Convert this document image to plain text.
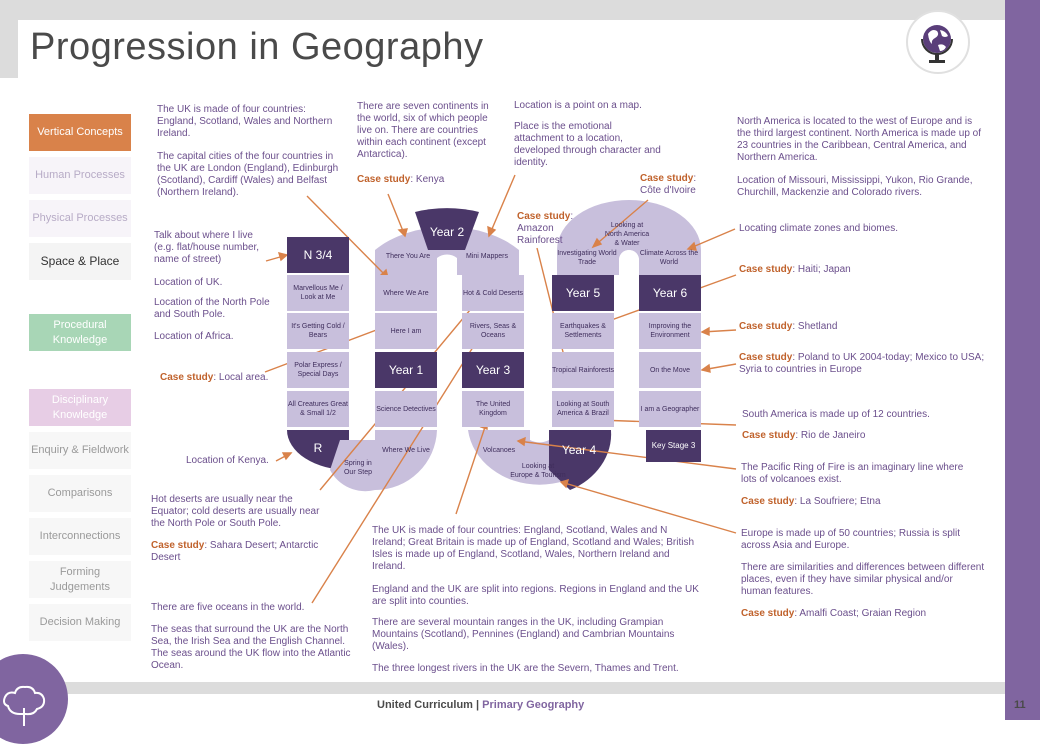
Progression in Geography
Vertical Concepts
Human Processes
Physical Processes
Space & Place
Procedural Knowledge
Disciplinary Knowledge
Enquiry & Fieldwork
Comparisons
Interconnections
Forming Judgements
Decision Making
N 3/4
Marvellous Me / Look at Me
It's Getting Cold / Bears
Polar Express / Special Days
All Creatures Great & Small 1/2
R
Spring in Our Step
Where We Live
Science Detectives
Year 1
Here I am
Where We Are
There You Are
Year 2
Mini Mappers
Hot & Cold Deserts
Rivers, Seas & Oceans
Year 3
The United Kingdom
Volcanoes
Looking at Europe & Tourism
Year 4
Looking at South America & Brazil
Tropical Rainforests
Earthquakes & Settlements
Year 5
Investigating World Trade
Looking at North America & Water
Climate Across the World
Year 6
Improving the Environment
On the Move
I am a Geographer
Key Stage 3
The UK is made of four countries: England, Scotland, Wales and Northern Ireland.
The capital cities of the four countries in the UK are London (England), Edinburgh (Scotland), Cardiff (Wales) and Belfast (Northern Ireland).
Talk about where I live (e.g. flat/house number, name of street)
Location of UK.
Location of the North Pole and South Pole.
Location of Africa.
Case study: Local area.
Location of Kenya.
Hot deserts are usually near the Equator; cold deserts are usually near the North Pole or South Pole.
Case study: Sahara Desert; Antarctic Desert
There are five oceans in the world.
The seas that surround the UK are the North Sea, the Irish Sea and the English Channel. The seas around the UK flow into the Atlantic Ocean.
There are seven continents in the world, six of which people live on. There are countries within each continent (except Antarctica).
Case study: Kenya
Location is a point on a map.
Place is the emotional attachment to a location, developed through character and identity.
Case study: Amazon Rainforest
Case study: Côte d'Ivoire
North America is located to the west of Europe and is the third largest continent. North America is made up of 23 countries in the Caribbean, Central America, and Northern America.
Location of Missouri, Mississippi, Yukon, Rio Grande, Churchill, Mackenzie and Colorado rivers.
Locating climate zones and biomes.
Case study: Haiti; Japan
Case study: Shetland
Case study: Poland to UK 2004-today; Mexico to USA; Syria to countries in Europe
South America is made up of 12 countries.
Case study: Rio de Janeiro
The Pacific Ring of Fire is an imaginary line where lots of volcanoes exist.
Case study: La Soufriere; Etna
Europe is made up of 50 countries; Russia is split across Asia and Europe.
There are similarities and differences between different places, even if they have similar physical and/or human features.
Case study: Amalfi Coast; Graian Region
The UK is made of four countries: England, Scotland, Wales and N Ireland; Great Britain is made up of England, Scotland and Wales; British Isles is made up of England, Scotland, Wales, Northern Ireland and Ireland.
England and the UK are split into regions. Regions in England and the UK are split into counties.
There are several mountain ranges in the UK, including Grampian Mountains (Scotland), Pennines (England) and Cambrian Mountains (Wales).
The three longest rivers in the UK are the Severn, Thames and Trent.
United Curriculum | Primary Geography	11
